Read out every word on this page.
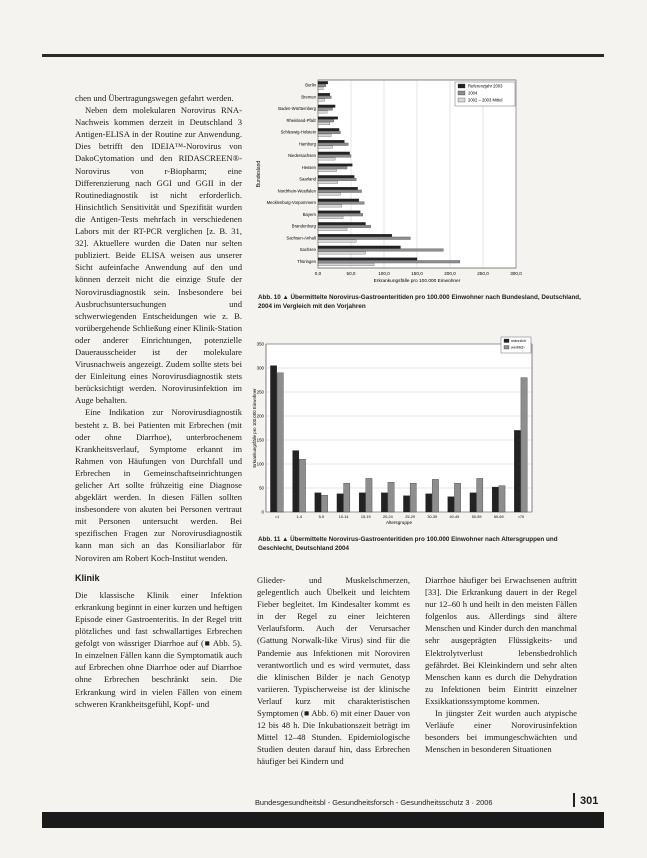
chen und Übertragungswegen gefahrt werden.

Neben dem molekularen Norovirus RNA-Nachweis kommen derzeit in Deutschland 3 Antigen-ELISA in der Routine zur Anwendung. Dies betrifft den IDEIA™-Norovirus von DakoCytomation und den RIDASCREEN®-Norovirus von r-Biopharm; eine Differenzierung nach GGI und GGII in der Routinediagnostik ist nicht erforderlich. Hinsichtlich Sensitivität und Spezifität wurden die Antigen-Tests mehrfach in verschiedenen Labors mit der RT-PCR verglichen [z. B. 31, 32]. Aktuellere wurden die Daten nur selten publiziert. Beide ELISA weisen aus unserer Sicht aufeinfache Anwendung auf den und können derzeit nicht die einzige Stufe der Norovirusdiagnostik sein. Insbesondere bei Ausbruchsuntersuchungen und schwerwiegenden Entscheidungen wie z. B. vorübergehende Schließung einer Klinik-Station oder anderer Einrichtungen, potenzielle Dauerausscheider ist der molekulare Virusnachweis angezeigt. Zudem sollte stets bei der Einleitung eines Norovirusdiagnostik stets berücksichtigt werden. Norovirusinfektion im Auge behalten.

Eine Indikation zur Norovirusdiagnostik besteht z. B. bei Patienten mit Erbrechen (mit oder ohne Diarrhoe), unterbrochenem Krankheitsverlauf, Symptome erkannt im Rahmen von Häufungen von Durchfall und Erbrechen in Gemeinschaftseinrichtungen gelicher Art sollte frühzeitig eine Diagnose abgeklärt werden. In diesen Fällen sollten insbesondere von akuten bei Personen vertraut mit Personen untersucht werden. Bei spezifischen Fragen zur Norovirusdiagnostik kann man sich an das Konsiliarlabor für Noroviren am Robert Koch-Institut wenden.

Klinik

Die klassische Klinik einer Infektion erkrankung beginnt in einer kurzen und heftigen Episode einer Gastroenteritis. In der Regel tritt plötzliches und fast schwallartiges Erbrechen gefolgt von wässriger Diarrhoe auf (■ Abb. 5). In einzelnen Fällen kann die Symptomatik auch auf Erbrechen ohne Diarrhoe oder auf Diarrhoe ohne Erbrechen beschränkt sein. Die Erkrankung wird in vielen Fällen von einem schweren Krankheitsgefühl, Kopf- und

0,0	50,0	100,0	150,0	200,0	250,0	300,0
Berlin
Bremen
Baden-Württemberg
Rheinland-Pfalz
Schleswig-Holstein
Hamburg
Niedersachsen
Hessen
Saarland
Nordrhein-Westfalen
Mecklenburg-Vorpommern
Bayern
Brandenburg
Sachsen-Anhalt
Sachsen
Thüringen
Erkrankungsfälle pro 100.000 Einwohner
Bundesland
Referenzjahr 2003
2004
2002 – 2003 Mittel
Abb. 10 ▲ Übermittelte Norovirus-Gastroenteritiden pro 100.000 Einwohner nach Bundesland, Deutschland, 2004 im Vergleich mit den Vorjahren
0
50
100
150
200
250
300
350
<1	1-4	5-9	10-14	15-19	20-24	25-29	30-39	40-49	50-59	60-69	>70
Altersgruppe
Erkrankungsfälle pro 100.000 Einwohner
männlich
weiblich
Abb. 11 ▲ Übermittelte Norovirus-Gastroenteritiden pro 100.000 Einwohner nach Altersgruppen und Geschlecht, Deutschland 2004

Glieder- und Muskelschmerzen, gelegentlich auch Übelkeit und leichtem Fieber begleitet. Im Kindesalter kommt es in der Regel zu einer leichteren Verlaufsform. Auch der Verursacher (Gattung Norwalk-like Virus) sind für die Pandemie aus Infektionen mit Noroviren verantwortlich und es wird vermutet, dass die klinischen Bilder je nach Genotyp variieren. Typischerweise ist der klinische Verlauf kurz mit charakteristischen Symptomen (■ Abb. 6) mit einer Dauer von 12 bis 48 h. Die Inkubationszeit beträgt im Mittel 12–48 Stunden. Epidemiologische Studien deuten darauf hin, dass Erbrechen häufiger bei Kindern und

Diarrhoe häufiger bei Erwachsenen auftritt [33]. Die Erkrankung dauert in der Regel nur 12–60 h und heilt in den meisten Fällen folgenlos aus. Allerdings sind ältere Menschen und Kinder durch den manchmal sehr ausgeprägten Flüssigkeits- und Elektrolytverlust lebensbedrohlich gefährdet. Bei Kleinkindern und sehr alten Menschen kann es durch die Dehydration zu Infektionen beim Eintritt einzelner Exsikkationssymptome kommen.

In jüngster Zeit wurden auch atypische Verläufe einer Norovirusinfektion besonders bei immungeschwächten und Menschen in besonderen Situationen

Bundesgesundheitsbl - Gesundheitsforsch - Gesundheitsschutz 3 · 2006	301
